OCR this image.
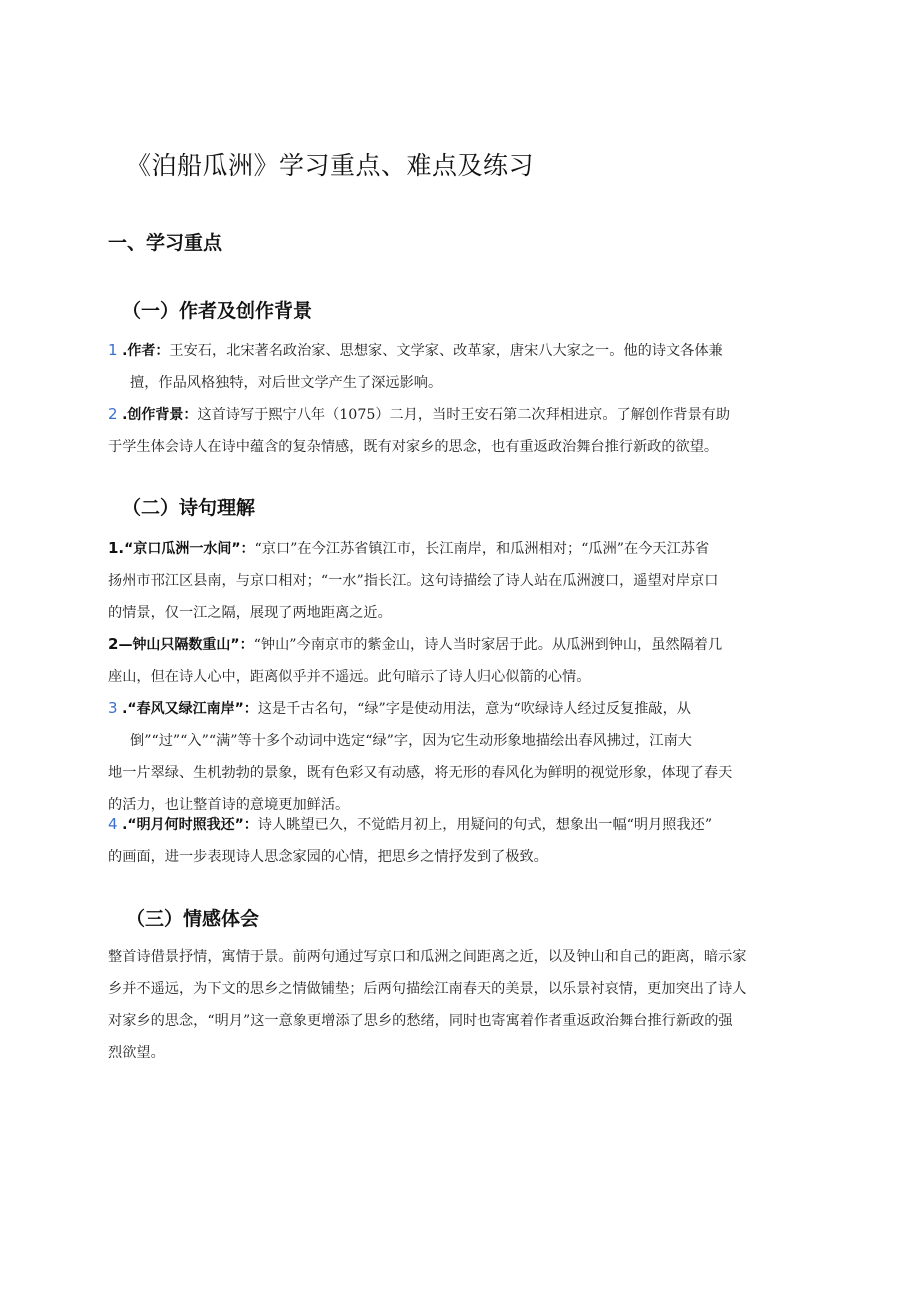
《泊船瓜洲》学习重点、难点及练习
一、学习重点
（一）作者及创作背景
1 .作者：王安石，北宋著名政治家、思想家、文学家、改革家，唐宋八大家之一。他的诗文各体兼
擅，作品风格独特，对后世文学产生了深远影响。
2 .创作背景：这首诗写于熙宁八年（1075）二月，当时王安石第二次拜相进京。了解创作背景有助
于学生体会诗人在诗中蕴含的复杂情感，既有对家乡的思念，也有重返政治舞台推行新政的欲望。
（二）诗句理解
1.“京口瓜洲一水间”：“京口”在今江苏省镇江市，长江南岸，和瓜洲相对；“瓜洲”在今天江苏省
扬州市邗江区县南，与京口相对；“一水”指长江。这句诗描绘了诗人站在瓜洲渡口，遥望对岸京口
的情景，仅一江之隔，展现了两地距离之近。
2—钟山只隔数重山”：“钟山”今南京市的紫金山，诗人当时家居于此。从瓜洲到钟山，虽然隔着几
座山，但在诗人心中，距离似乎并不遥远。此句暗示了诗人归心似箭的心情。
3 .“春风又绿江南岸”：这是千古名句，“绿”字是使动用法，意为“吹绿诗人经过反复推敲，从
倒”“过”“入”“满”等十多个动词中选定“绿”字，因为它生动形象地描绘出春风拂过，江南大
地一片翠绿、生机勃勃的景象，既有色彩又有动感，将无形的春风化为鲜明的视觉形象，体现了春天
的活力，也让整首诗的意境更加鲜活。
4 .“明月何时照我还”：诗人眺望已久，不觉皓月初上，用疑问的句式，想象出一幅“明月照我还”
的画面，进一步表现诗人思念家园的心情，把思乡之情抒发到了极致。
（三）情感体会
整首诗借景抒情，寓情于景。前两句通过写京口和瓜洲之间距离之近，以及钟山和自己的距离，暗示家
乡并不遥远，为下文的思乡之情做铺垫；后两句描绘江南春天的美景，以乐景衬哀情，更加突出了诗人
对家乡的思念，“明月”这一意象更增添了思乡的愁绪，同时也寄寓着作者重返政治舞台推行新政的强
烈欲望。
